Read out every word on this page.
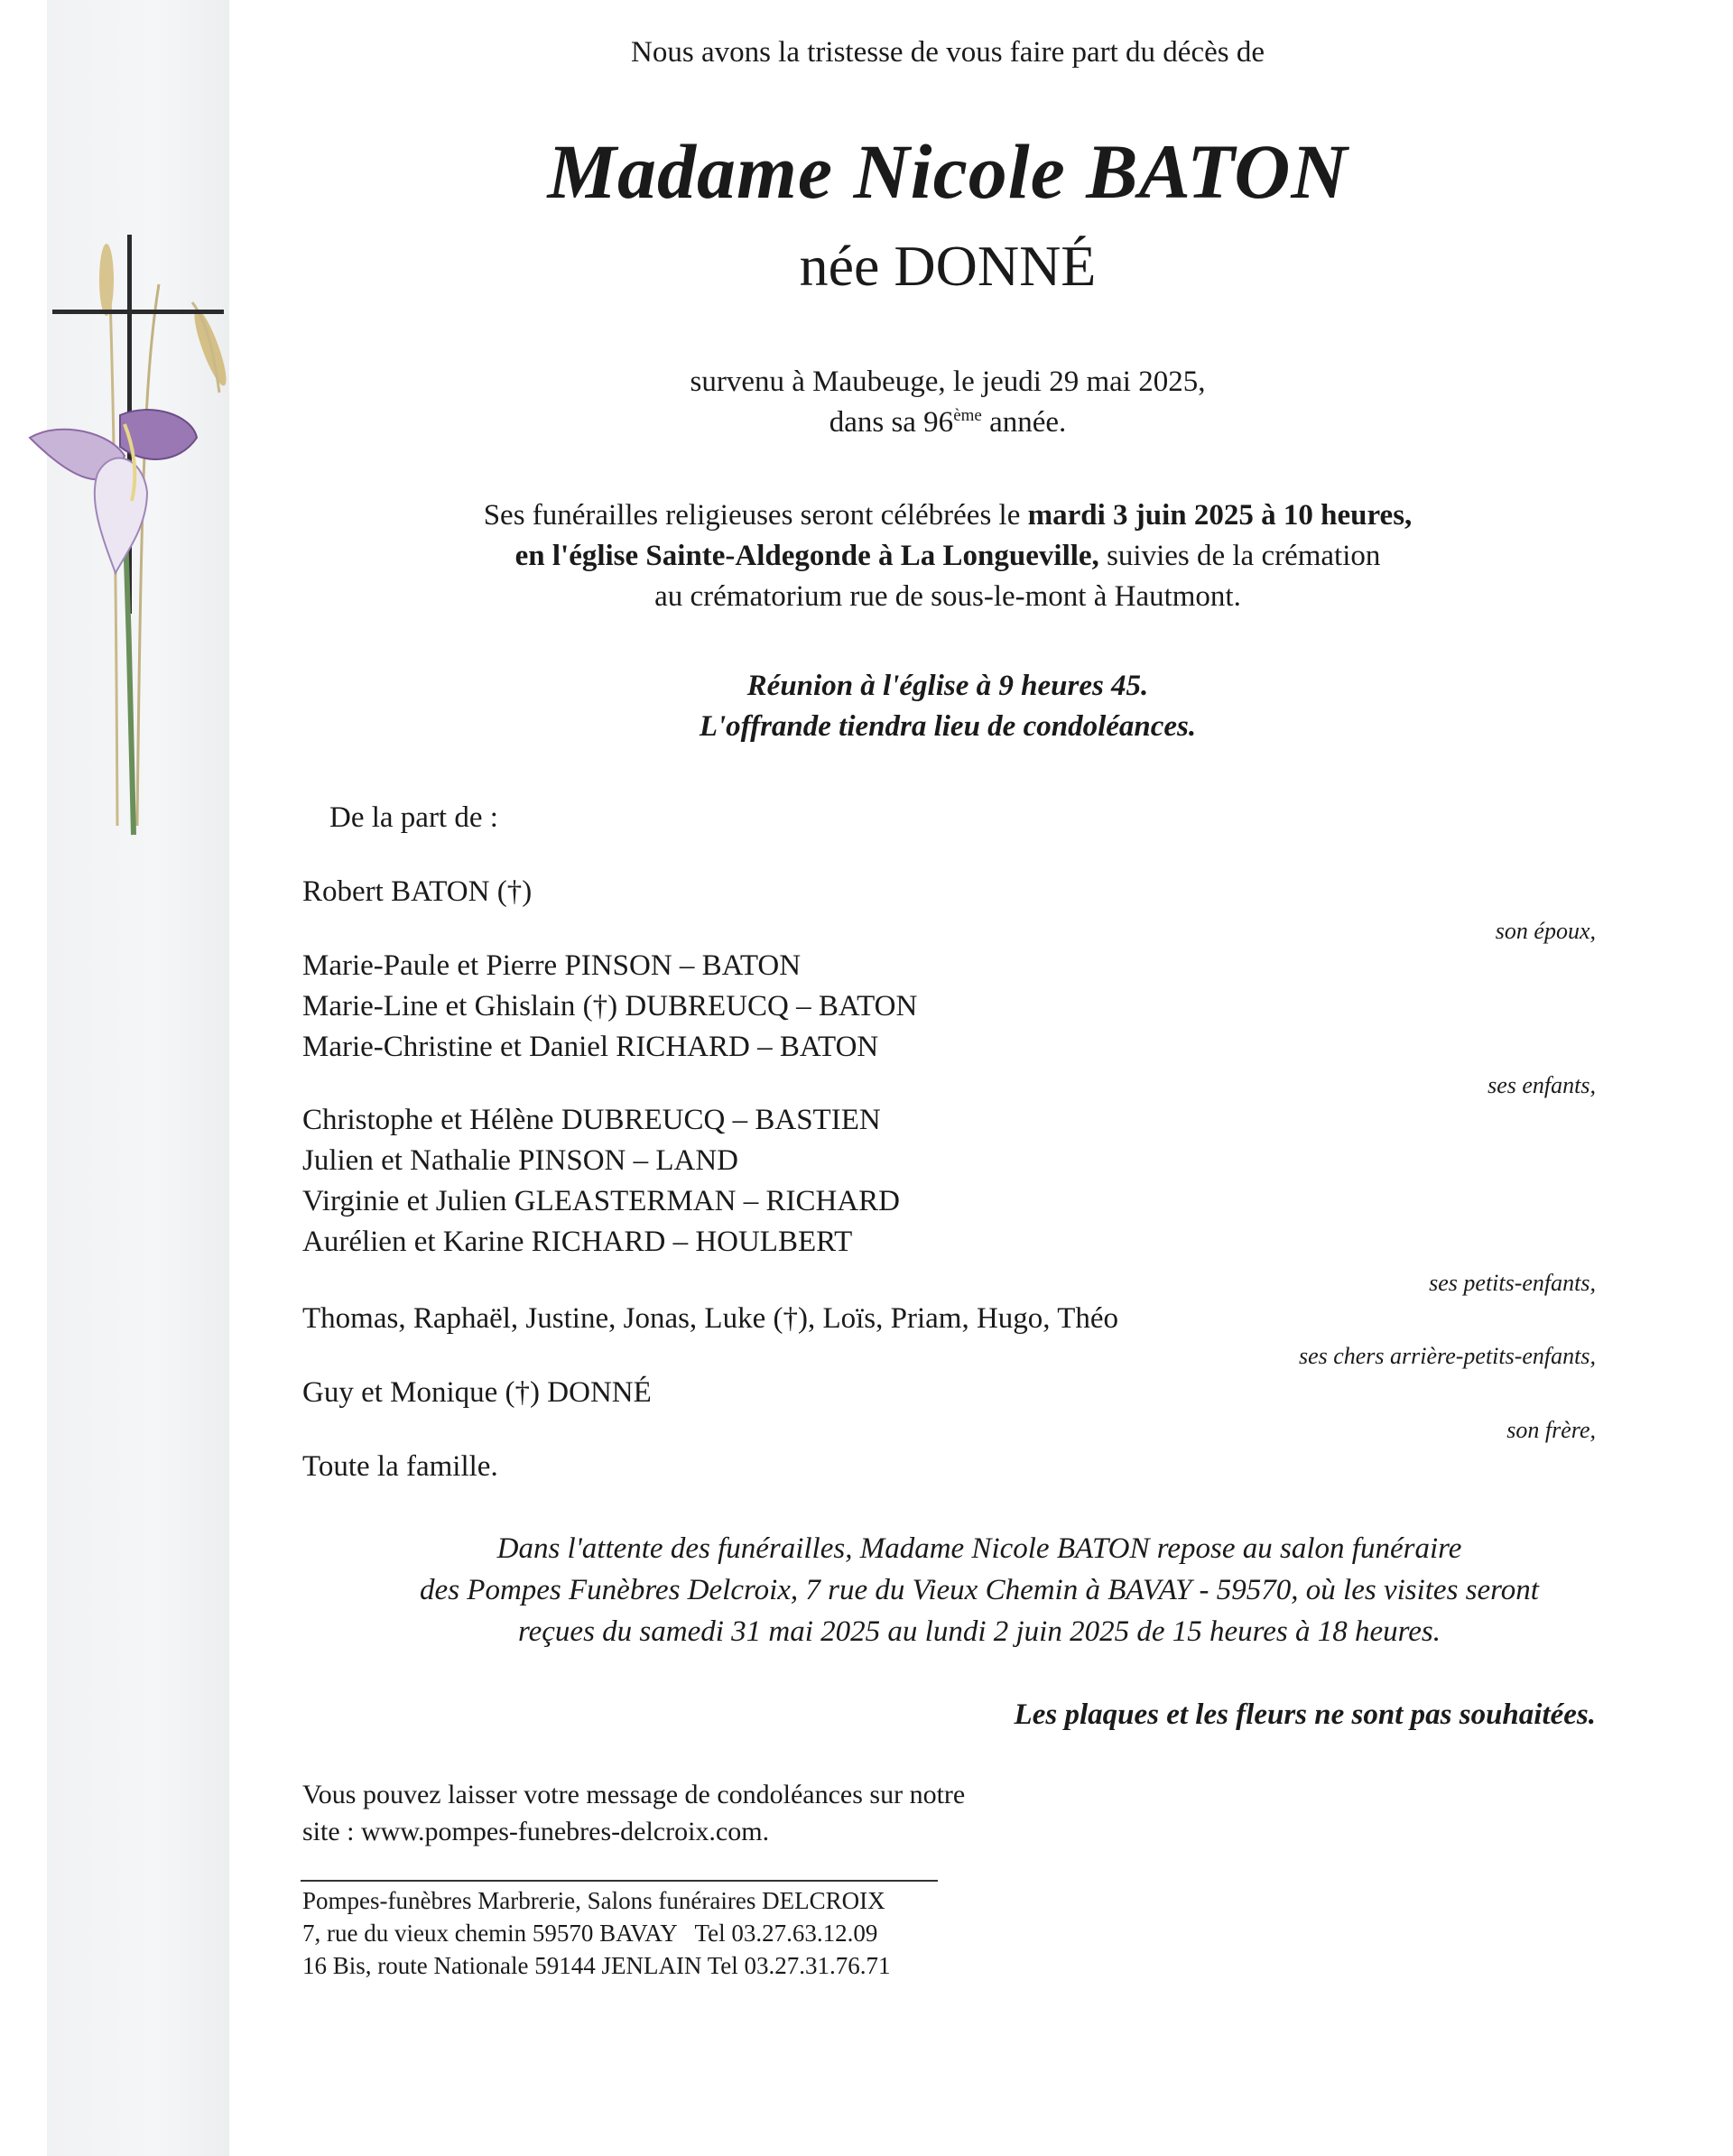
Nous avons la tristesse de vous faire part du décès de
Madame Nicole BATON
née DONNÉ
survenu à Maubeuge, le jeudi 29 mai 2025,
dans sa 96ème année.
Ses funérailles religieuses seront célébrées le mardi 3 juin 2025 à 10 heures,
en l'église Sainte-Aldegonde à La Longueville, suivies de la crémation
au crématorium rue de sous-le-mont à Hautmont.
Réunion à l'église à 9 heures 45.
L'offrande tiendra lieu de condoléances.
De la part de :
Robert BATON (†)
son époux,
Marie-Paule et Pierre PINSON – BATON
Marie-Line et Ghislain (†) DUBREUCQ – BATON
Marie-Christine et Daniel RICHARD – BATON
ses enfants,
Christophe et Hélène DUBREUCQ – BASTIEN
Julien et Nathalie PINSON – LAND
Virginie et Julien GLEASTERMAN – RICHARD
Aurélien et Karine RICHARD – HOULBERT
ses petits-enfants,
Thomas, Raphaël, Justine, Jonas, Luke (†), Loïs, Priam, Hugo, Théo
ses chers arrière-petits-enfants,
Guy et Monique (†) DONNÉ
son frère,
Toute la famille.
Dans l'attente des funérailles, Madame Nicole BATON repose au salon funéraire
des Pompes Funèbres Delcroix, 7 rue du Vieux Chemin à BAVAY - 59570, où les visites seront
reçues du samedi 31 mai 2025 au lundi 2 juin 2025 de 15 heures à 18 heures.
Les plaques et les fleurs ne sont pas souhaitées.
Vous pouvez laisser votre message de condoléances sur notre
site : www.pompes-funebres-delcroix.com.
Pompes-funèbres Marbrerie, Salons funéraires DELCROIX
7, rue du vieux chemin 59570 BAVAY   Tel 03.27.63.12.09
16 Bis, route Nationale 59144 JENLAIN Tel 03.27.31.76.71
